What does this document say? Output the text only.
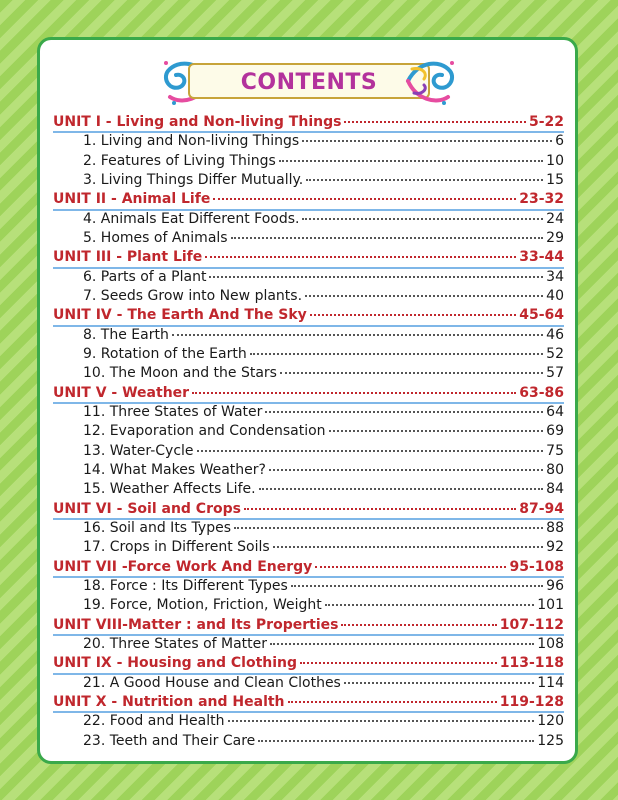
CONTENTS
UNIT I - Living and Non-living Things	5-22
1. Living and Non-living Things	6
2. Features of Living Things	10
3. Living Things Differ Mutually.	15
UNIT II - Animal Life	23-32
4. Animals Eat Different Foods.	24
5. Homes of Animals	29
UNIT III - Plant Life	33-44
6. Parts of a Plant	34
7. Seeds Grow into New plants.	40
UNIT IV - The Earth And The Sky	45-64
8. The Earth	46
9. Rotation of the Earth	52
10. The Moon and the Stars	57
UNIT V - Weather	63-86
11. Three States of Water	64
12. Evaporation and Condensation	69
13. Water-Cycle	75
14. What Makes Weather?	80
15. Weather Affects Life.	84
UNIT VI - Soil and Crops	87-94
16. Soil and Its Types	88
17. Crops in Different Soils	92
UNIT VII -Force Work And Energy	95-108
18. Force : Its Different Types	96
19. Force, Motion, Friction, Weight	101
UNIT VIII-Matter : and Its Properties	107-112
20. Three States of Matter	108
UNIT IX - Housing and Clothing	113-118
21. A Good House and Clean Clothes	114
UNIT X - Nutrition and Health	119-128
22. Food and Health	120
23. Teeth and Their Care	125
